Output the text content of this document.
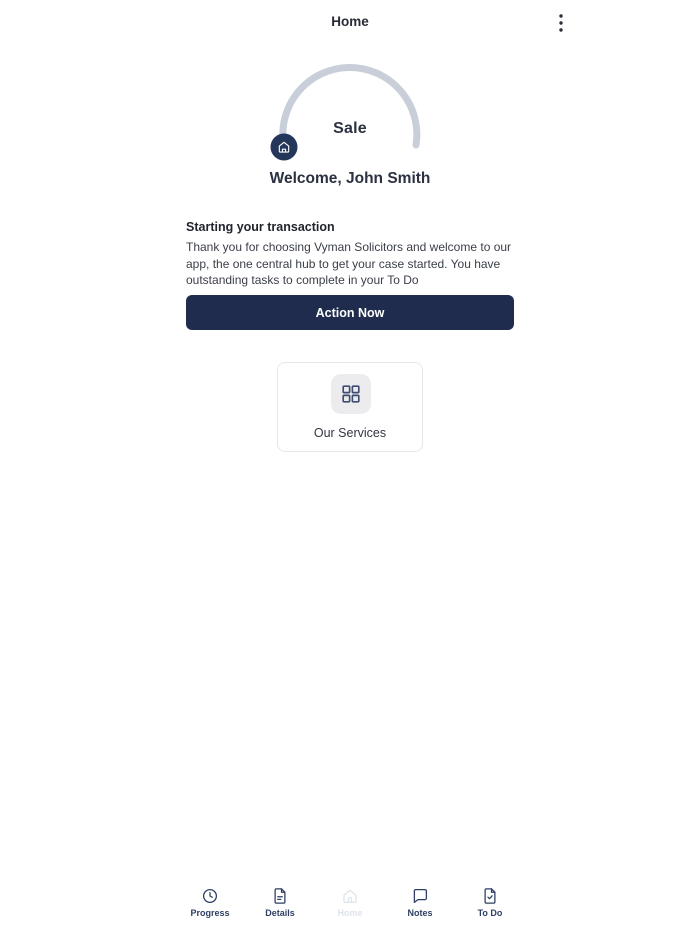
Home
Sale
Welcome, John Smith
Starting your transaction
Thank you for choosing Vyman Solicitors and welcome to our app, the one central hub to get your case started. You have outstanding tasks to complete in your To Do
Action Now
Our Services
Progress	Details	Home	Notes	To Do
